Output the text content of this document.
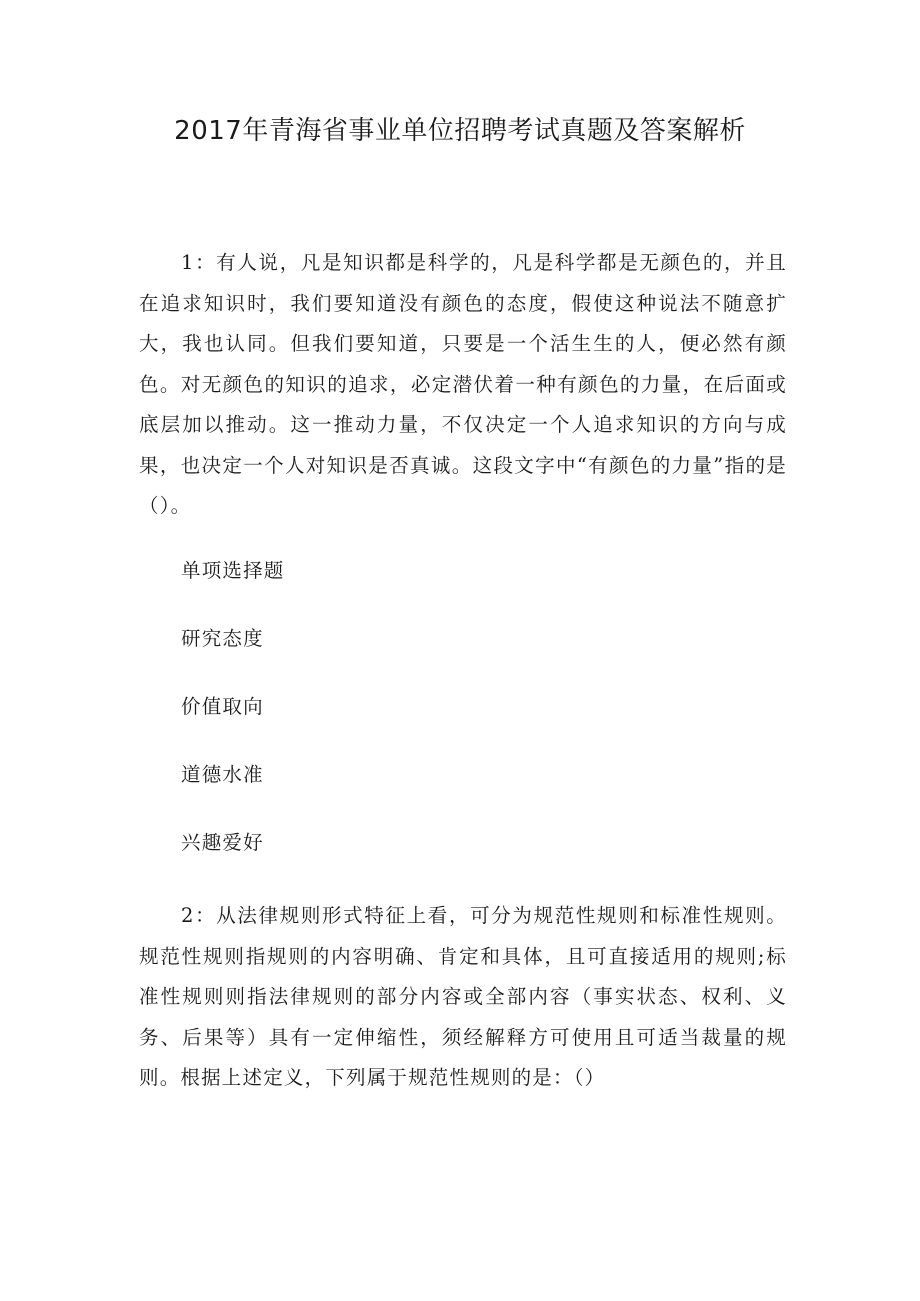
2017年青海省事业单位招聘考试真题及答案解析
1：有人说，凡是知识都是科学的，凡是科学都是无颜色的，并且在追求知识时，我们要知道没有颜色的态度，假使这种说法不随意扩大，我也认同。但我们要知道，只要是一个活生生的人，便必然有颜色。对无颜色的知识的追求，必定潜伏着一种有颜色的力量，在后面或底层加以推动。这一推动力量，不仅决定一个人追求知识的方向与成果，也决定一个人对知识是否真诚。这段文字中“有颜色的力量”指的是（）。
单项选择题
研究态度
价值取向
道德水准
兴趣爱好
2：从法律规则形式特征上看，可分为规范性规则和标准性规则。规范性规则指规则的内容明确、肯定和具体，且可直接适用的规则;标准性规则则指法律规则的部分内容或全部内容（事实状态、权利、义务、后果等）具有一定伸缩性，须经解释方可使用且可适当裁量的规则。根据上述定义，下列属于规范性规则的是：（）
